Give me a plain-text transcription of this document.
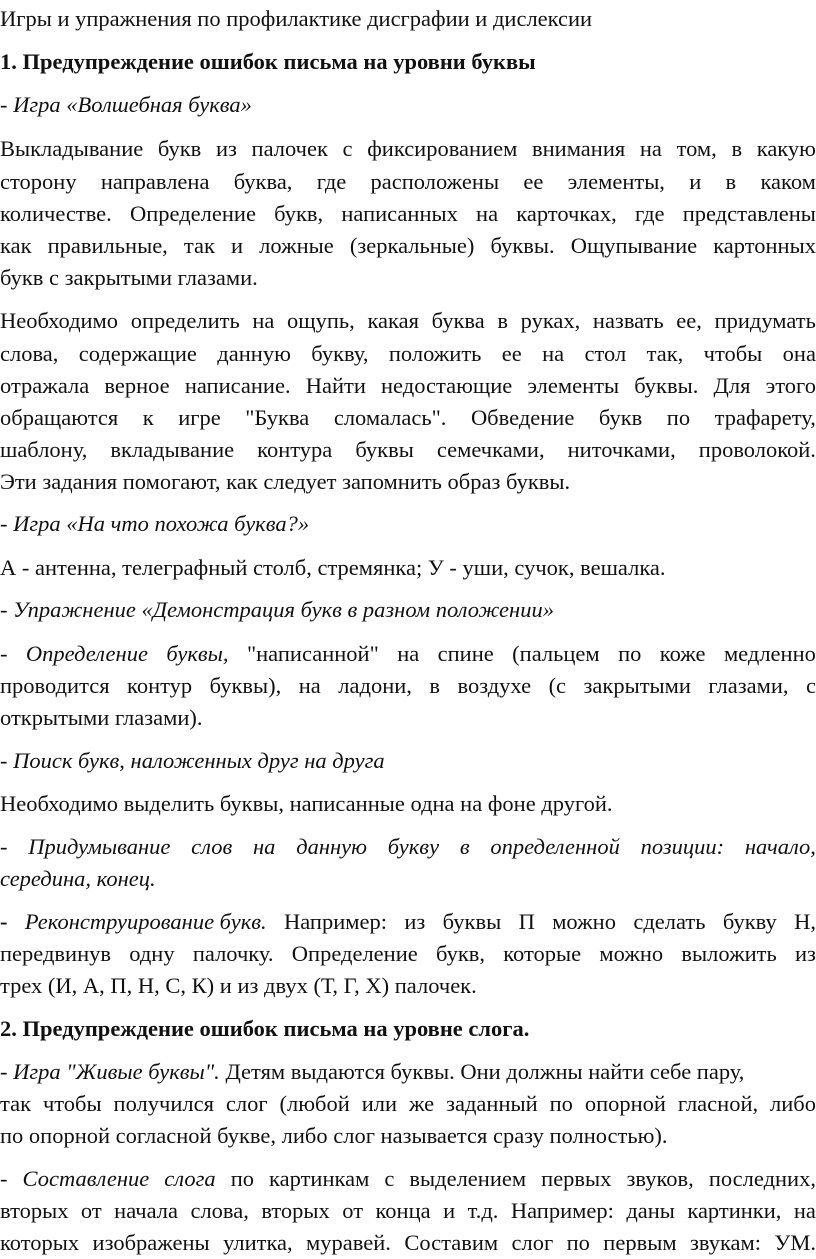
Игры и упражнения по профилактике дисграфии и дислексии
1. Предупреждение ошибок письма на уровни буквы
- Игра «Волшебная буква»
Выкладывание букв из палочек с фиксированием внимания на том, в какую
сторону направлена буква, где расположены ее элементы, и в каком
количестве. Определение букв, написанных на карточках, где представлены
как правильные, так и ложные (зеркальные) буквы. Ощупывание картонных
букв с закрытыми глазами.
Необходимо определить на ощупь, какая буква в руках, назвать ее, придумать
слова, содержащие данную букву, положить ее на стол так, чтобы она
отражала верное написание. Найти недостающие элементы буквы. Для этого
обращаются к игре "Буква сломалась". Обведение букв по трафарету,
шаблону, вкладывание контура буквы семечками, ниточками, проволокой.
Эти задания помогают, как следует запомнить образ буквы.
- Игра «На что похожа буква?»
А - антенна, телеграфный столб, стремянка; У - уши, сучок, вешалка.
- Упражнение «Демонстрация букв в разном положении»
- Определение буквы, "написанной" на спине (пальцем по коже медленно
проводится контур буквы), на ладони, в воздухе (с закрытыми глазами, с
открытыми глазами).
- Поиск букв, наложенных друг на друга
Необходимо выделить буквы, написанные одна на фоне другой.
- Придумывание слов на данную букву в определенной позиции: начало,
середина, конец.
- Реконструирование букв. Например: из буквы П можно сделать букву Н,
передвинув одну палочку. Определение букв, которые можно выложить из
трех (И, А, П, Н, С, К) и из двух (Т, Г, Х) палочек.
2. Предупреждение ошибок письма на уровне слога.
- Игра "Живые буквы". Детям выдаются буквы. Они должны найти себе пару,
так чтобы получился слог (любой или же заданный по опорной гласной, либо
по опорной согласной букве, либо слог называется сразу полностью).
- Составление слога по картинкам с выделением первых звуков, последних,
вторых от начала слова, вторых от конца и т.д. Например: даны картинки, на
которых изображены улитка, муравей. Составим слог по первым звукам: УМ.
